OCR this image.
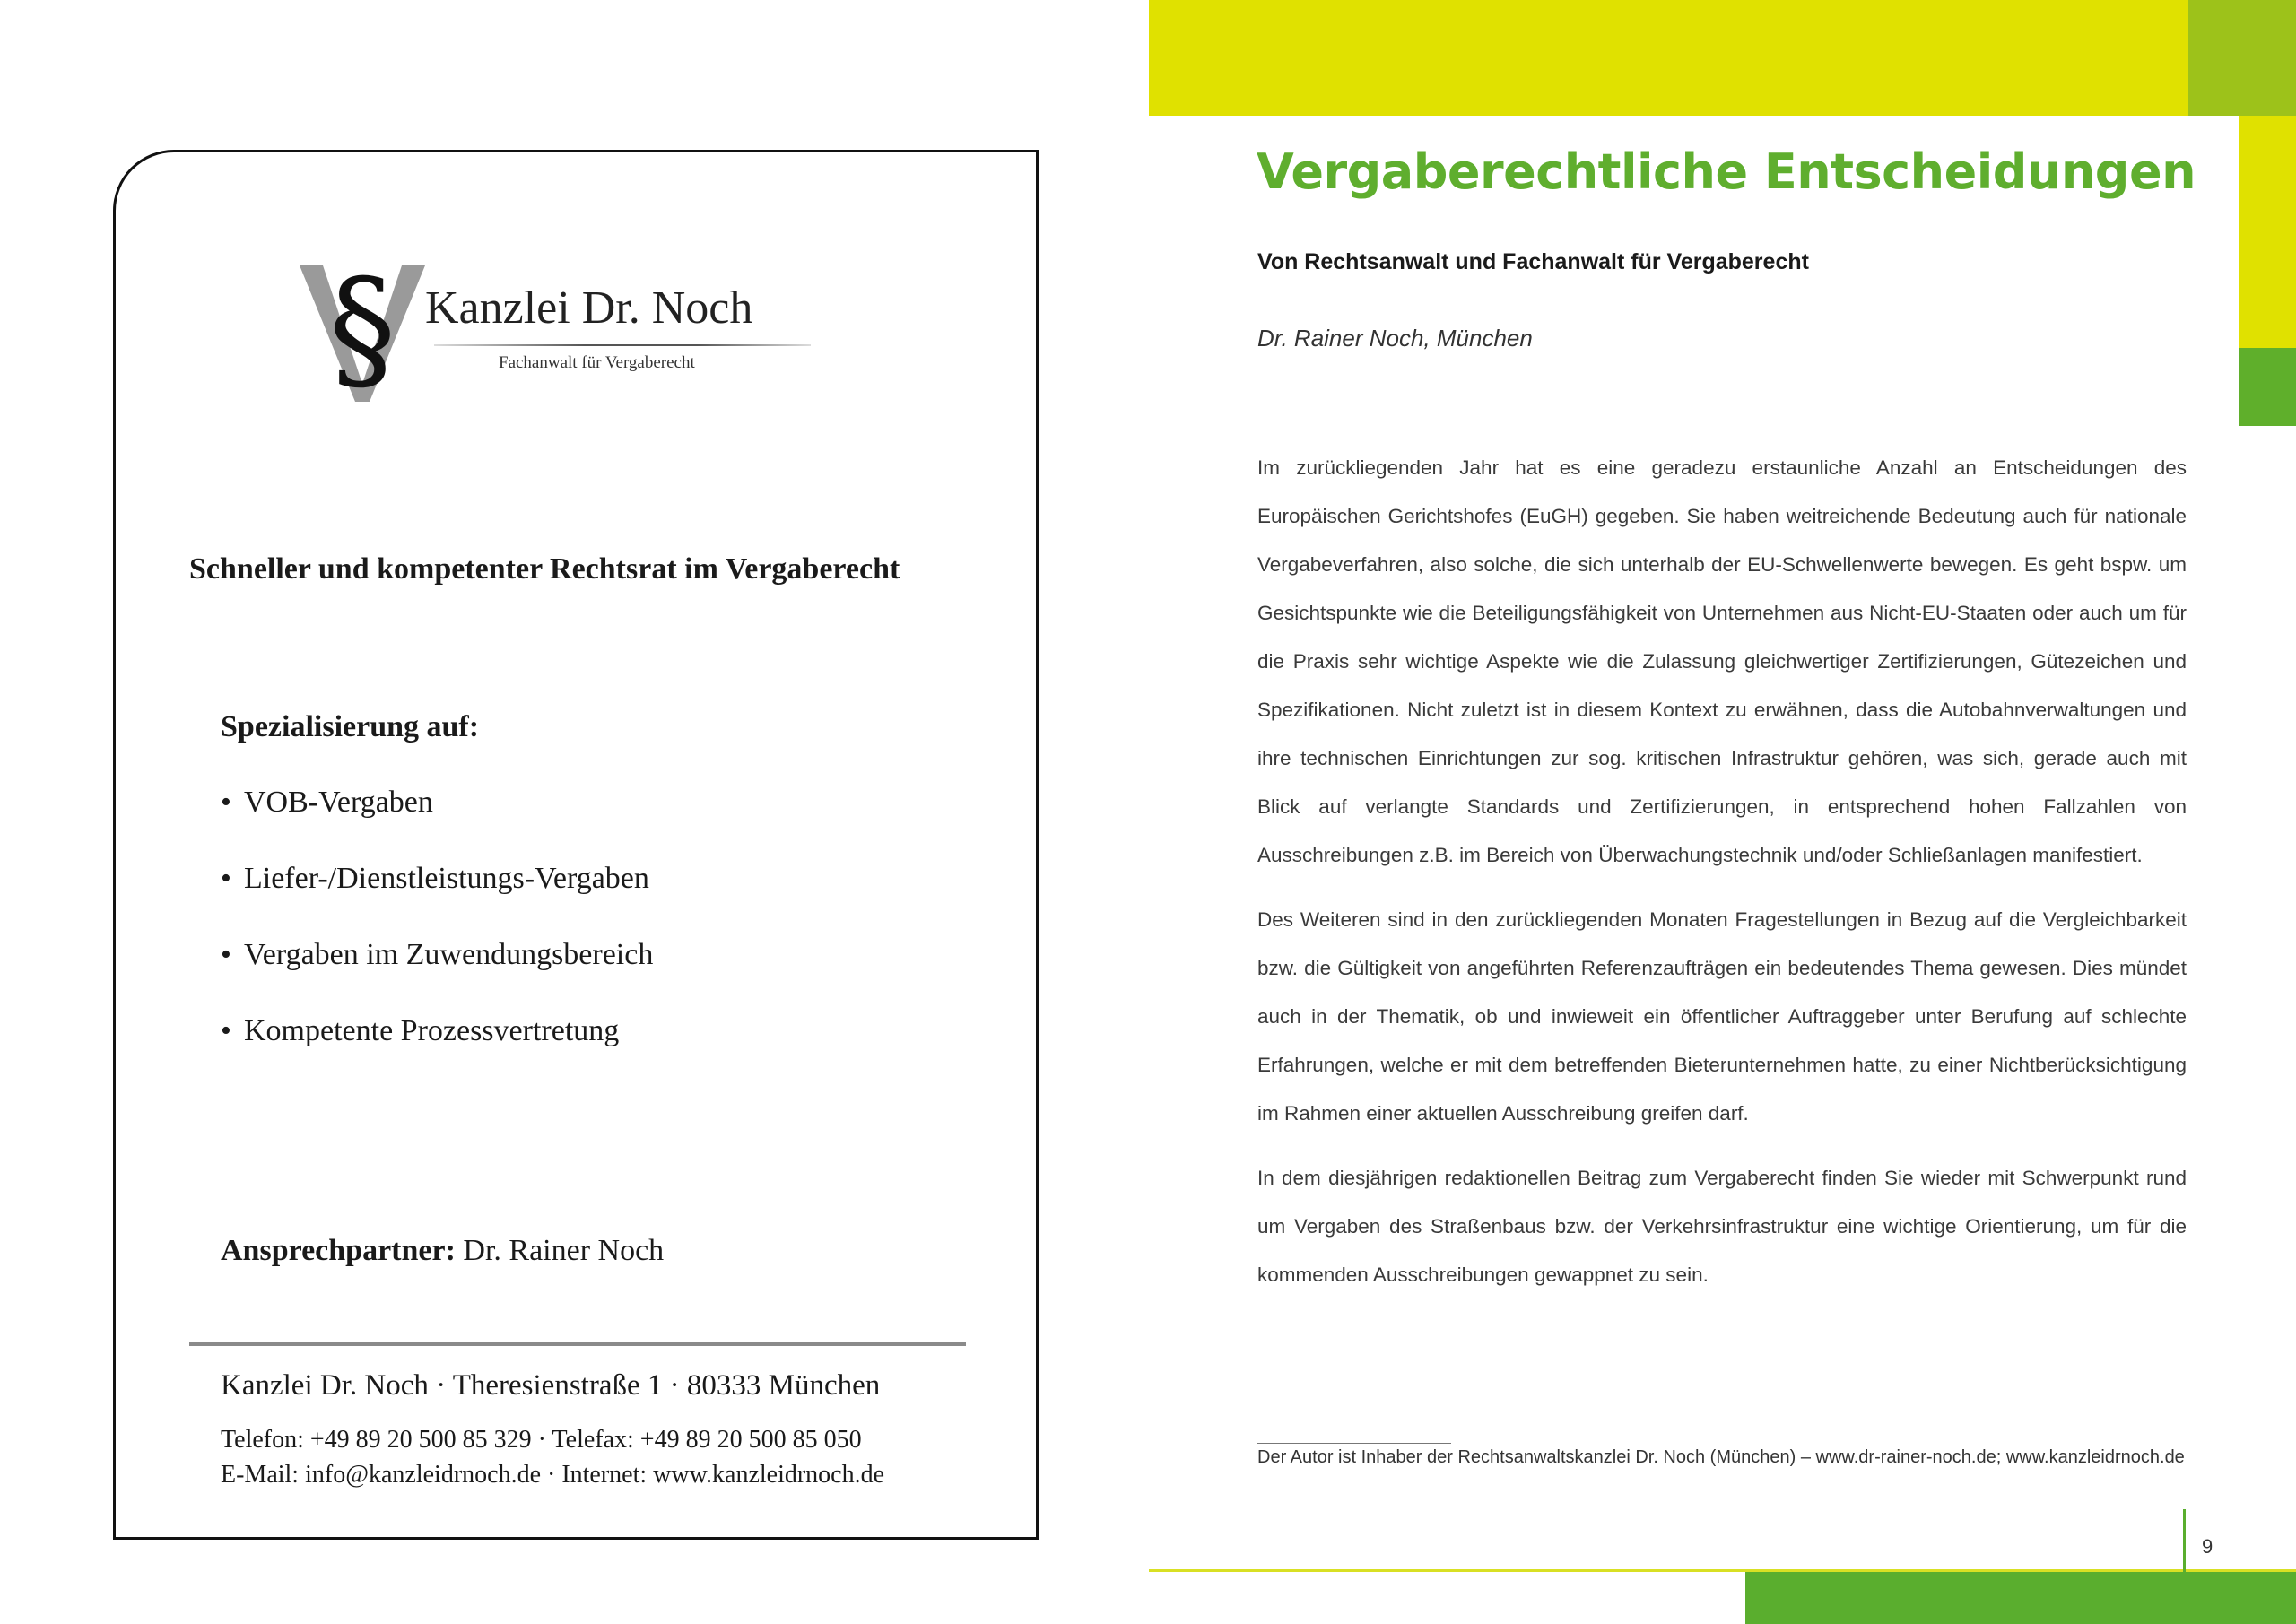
§ Kanzlei Dr. Noch
Fachanwalt für Vergaberecht
Schneller und kompetenter Rechtsrat im Vergaberecht
Spezialisierung auf:
• VOB-Vergaben
• Liefer-/Dienstleistungs-Vergaben
• Vergaben im Zuwendungsbereich
• Kompetente Prozessvertretung
Ansprechpartner: Dr. Rainer Noch
Kanzlei Dr. Noch · Theresienstraße 1 · 80333 München
Telefon: +49 89 20 500 85 329 · Telefax: +49 89 20 500 85 050
E-Mail: info@kanzleidrnoch.de · Internet: www.kanzleidrnoch.de
Vergaberechtliche Entscheidungen
Von Rechtsanwalt und Fachanwalt für Vergaberecht
Dr. Rainer Noch, München

Im zurückliegenden Jahr hat es eine geradezu erstaunliche Anzahl an Entscheidungen des Europäischen Gerichtshofes (EuGH) gegeben. Sie haben weitreichende Bedeutung auch für nationale Vergabeverfahren, also solche, die sich unterhalb der EU-Schwellenwerte bewegen. Es geht bspw. um Gesichtspunkte wie die Beteiligungsfähigkeit von Unternehmen aus Nicht-EU-Staaten oder auch um für die Praxis sehr wichtige Aspekte wie die Zulassung gleichwertiger Zertifizierungen, Gütezeichen und Spezifikationen. Nicht zuletzt ist in diesem Kontext zu erwähnen, dass die Autobahnverwaltungen und ihre technischen Einrichtungen zur sog. kritischen Infrastruktur gehören, was sich, gerade auch mit Blick auf verlangte Standards und Zertifizierungen, in entsprechend hohen Fallzahlen von Ausschreibungen z.B. im Bereich von Überwachungstechnik und/oder Schließanlagen manifestiert.

Des Weiteren sind in den zurückliegenden Monaten Fragestellungen in Bezug auf die Vergleichbarkeit bzw. die Gültigkeit von angeführten Referenzaufträgen ein bedeutendes Thema gewesen. Dies mündet auch in der Thematik, ob und inwieweit ein öffentlicher Auftraggeber unter Berufung auf schlechte Erfahrungen, welche er mit dem betreffenden Bieterunternehmen hatte, zu einer Nichtberücksichtigung im Rahmen einer aktuellen Ausschreibung greifen darf.

In dem diesjährigen redaktionellen Beitrag zum Vergaberecht finden Sie wieder mit Schwerpunkt rund um Vergaben des Straßenbaus bzw. der Verkehrsinfrastruktur eine wichtige Orientierung, um für die kommenden Ausschreibungen gewappnet zu sein.

Der Autor ist Inhaber der Rechtsanwaltskanzlei Dr. Noch (München) – www.dr-rainer-noch.de; www.kanzleidrnoch.de
9
